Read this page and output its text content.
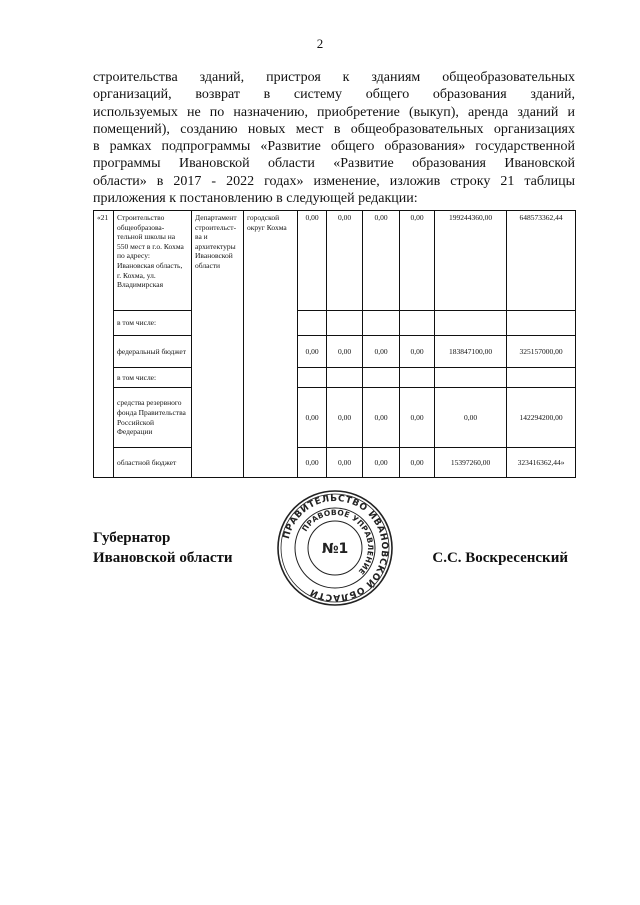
2
строительства зданий, пристроя к зданиям общеобразовательных
организаций, возврат в систему общего образования зданий,
используемых не по назначению, приобретение (выкуп), аренда зданий и
помещений), созданию новых мест в общеобразовательных организациях
в рамках подпрограммы «Развитие общего образования» государственной
программы Ивановской области «Развитие образования Ивановской
области» в 2017 - 2022 годах» изменение, изложив строку 21 таблицы
приложения к постановлению в следующей редакции:
«21	Строительство общеобразова-тельной школы на 550 мест в г.о. Кохма по адресу: Ивановская область, г. Кохма, ул. Владимирская	Департамент строительст-ва и архитектуры Ивановской области	городской округ Кохма	0,00	0,00	0,00	0,00	199244360,00	648573362,44
	в том числе:								
	федеральный бюджет			0,00	0,00	0,00	0,00	183847100,00	325157000,00
	в том числе:								
	средства резервного фонда Правительства Российской Федерации			0,00	0,00	0,00	0,00	0,00	142294200,00
	областной бюджет			0,00	0,00	0,00	0,00	15397260,00	323416362,44»
Губернатор
Ивановской области
ПРАВИТЕЛЬСТВО ИВАНОВСКОЙ ОБЛАСТИ
ПРАВОВОЕ УПРАВЛЕНИЕ
№1
С.С. Воскресенский
